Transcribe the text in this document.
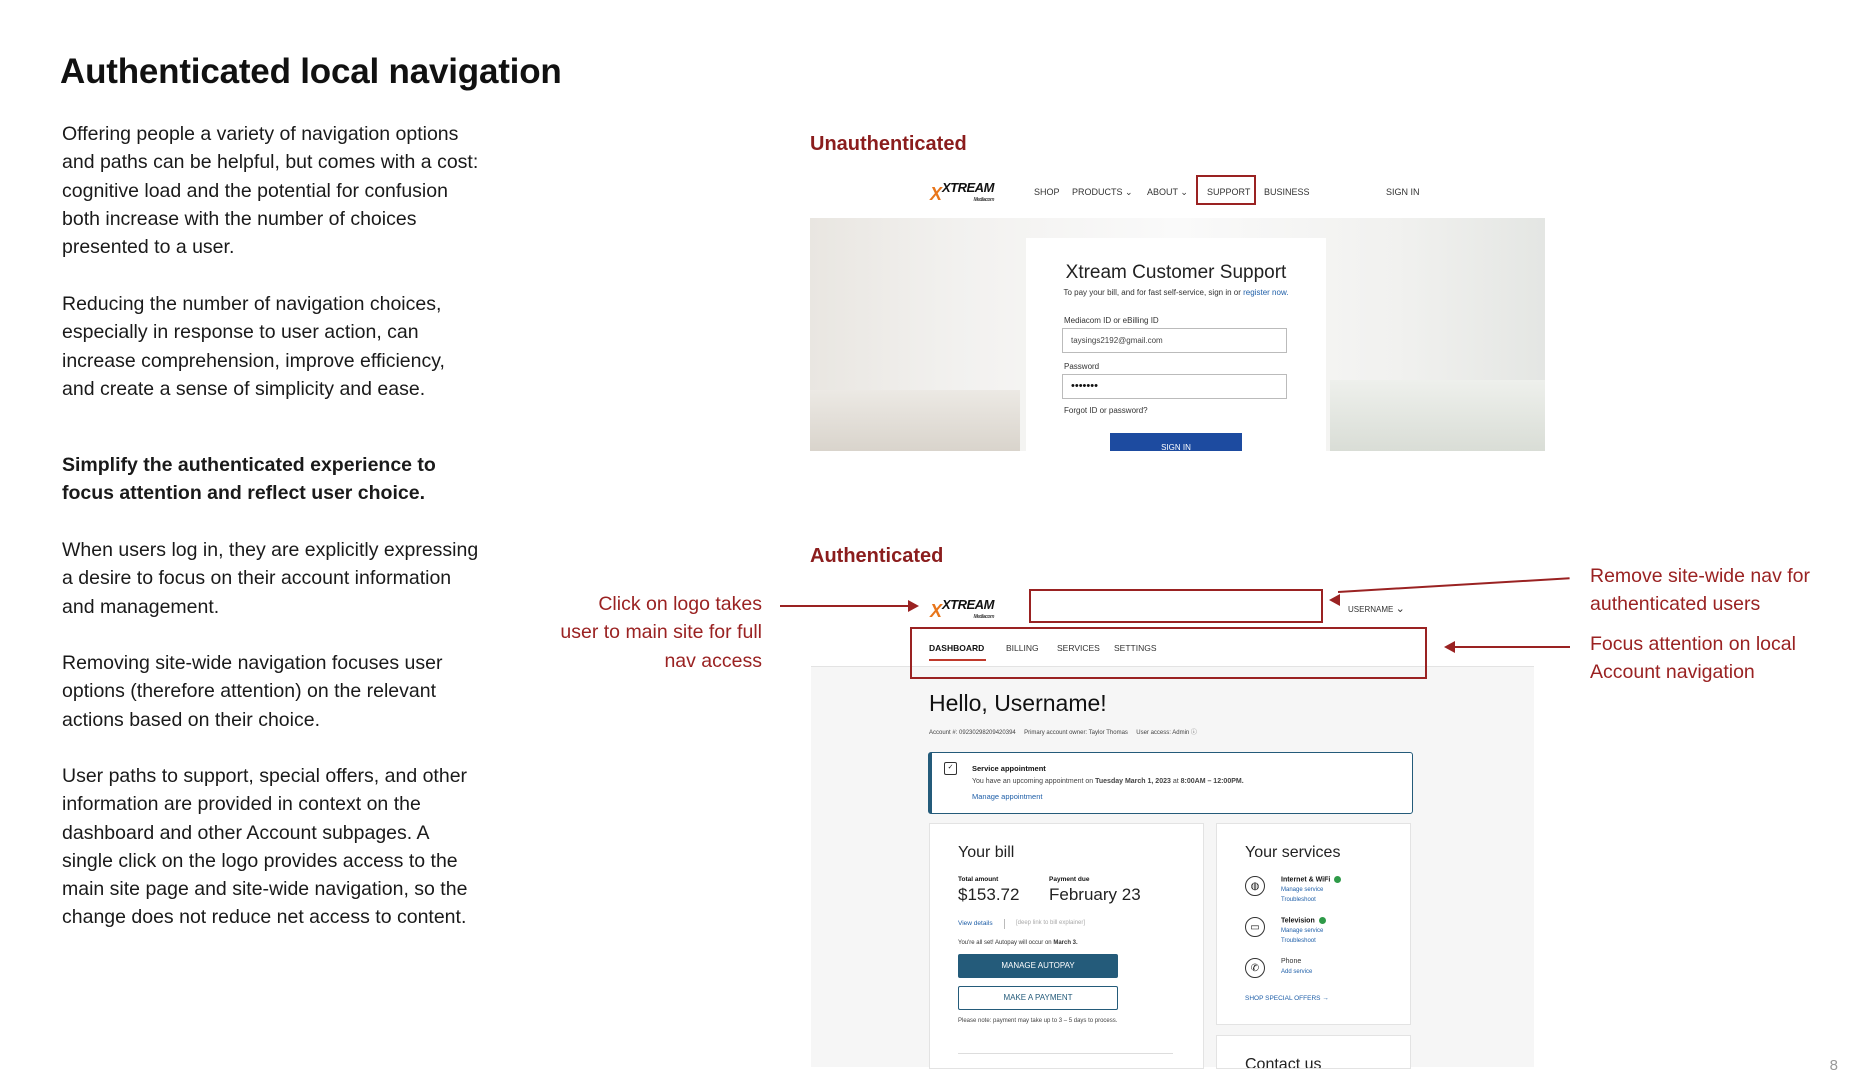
Authenticated local navigation

Offering people a variety of navigation options and paths can be helpful, but comes with a cost: cognitive load and the potential for confusion both increase with the number of choices presented to a user.

Reducing the number of navigation choices, especially in response to user action, can increase comprehension, improve efficiency, and create a sense of simplicity and ease.

Simplify the authenticated experience to focus attention and reflect user choice.

When users log in, they are explicitly expressing a desire to focus on their account information and management.

Removing site-wide navigation focuses user options (therefore attention) on the relevant actions based on their choice.

User paths to support, special offers, and other information are provided in context on the dashboard and other Account subpages. A single click on the logo provides access to the main site page and site-wide navigation, so the change does not reduce net access to content.

Unauthenticated
X XTREAM
Mediacom
SHOP PRODUCTS ⌄ ABOUT ⌄ SUPPORT BUSINESS	SIGN IN
Xtream Customer Support
To pay your bill, and for fast self-service, sign in or register now.
Mediacom ID or eBilling ID
taysings2192@gmail.com
Password
•••••••
Forgot ID or password?
SIGN IN
Authenticated
X XTREAM
Mediacom
USERNAME ⌄
DASHBOARD	BILLING SERVICES SETTINGS
Hello, Username!
Account #: 09230298209420394     Primary account owner: Taylor Thomas     User access: Admin ⓘ
✓	Service appointment
You have an upcoming appointment on Tuesday March 1, 2023 at 8:00AM – 12:00PM.
Manage appointment
Your bill
Total amount
$153.72
Payment due
February 23
View details	[deep link to bill explainer]
You're all set! Autopay will occur on March 3.
MANAGE AUTOPAY
MAKE A PAYMENT
Please note: payment may take up to 3 – 5 days to process.
Your services
◍
Internet & WiFi
Manage service
Troubleshoot
▭
Television
Manage service
Troubleshoot
✆
Phone
Add service
SHOP SPECIAL OFFERS →
Contact us
Click on logo takes user to main site for full nav access
Remove site-wide nav for authenticated users
Focus attention on local Account navigation
8
